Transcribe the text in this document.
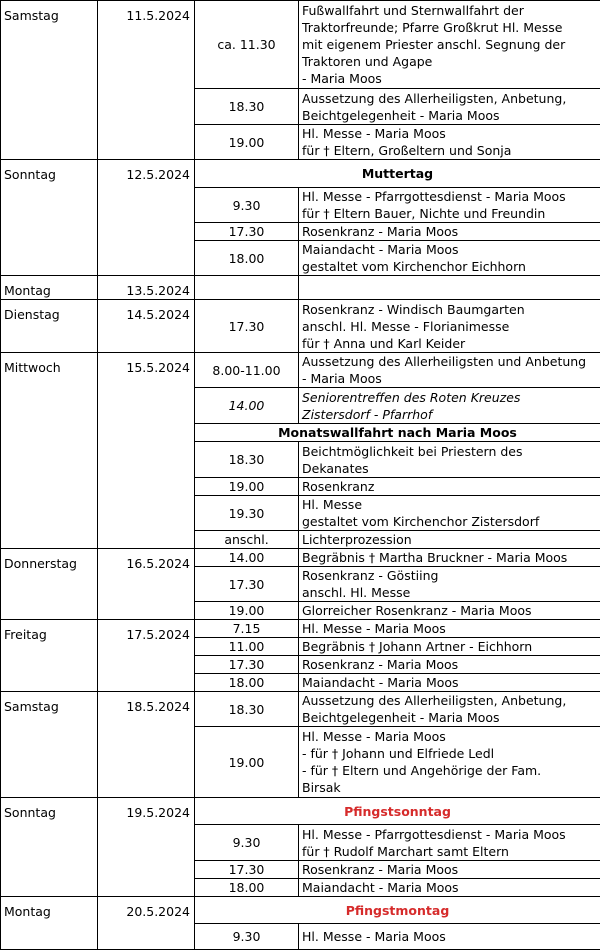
Samstag	11.5.2024	ca. 11.30	Fußwallfahrt und Sternwallfahrt der
Traktorfreunde; Pfarre Großkrut Hl. Messe
mit eigenem Priester anschl. Segnung der
Traktoren und Agape
- Maria Moos
		18.30	Aussetzung des Allerheiligsten, Anbetung,
Beichtgelegenheit - Maria Moos
		19.00	Hl. Messe - Maria Moos
für † Eltern, Großeltern und Sonja
Sonntag	12.5.2024	Muttertag	
		9.30	Hl. Messe - Pfarrgottesdienst - Maria Moos
für † Eltern Bauer, Nichte und Freundin
		17.30	Rosenkranz - Maria Moos
		18.00	Maiandacht - Maria Moos
gestaltet vom Kirchenchor Eichhorn
Montag	13.5.2024		
Dienstag	14.5.2024	17.30	Rosenkranz - Windisch Baumgarten
anschl. Hl. Messe - Florianimesse
für † Anna und Karl Keider
Mittwoch	15.5.2024	8.00-11.00	Aussetzung des Allerheiligsten und Anbetung
- Maria Moos
		14.00	Seniorentreffen des Roten Kreuzes
Zistersdorf - Pfarrhof
		Monatswallfahrt nach Maria Moos	
		18.30	Beichtmöglichkeit bei Priestern des
Dekanates
		19.00	Rosenkranz
		19.30	Hl. Messe
gestaltet vom Kirchenchor Zistersdorf
		anschl.	Lichterprozession
Donnerstag	16.5.2024	14.00	Begräbnis † Martha Bruckner - Maria Moos
		17.30	Rosenkranz - Göstiing
anschl. Hl. Messe
		19.00	Glorreicher Rosenkranz - Maria Moos
Freitag	17.5.2024	7.15	Hl. Messe - Maria Moos
		11.00	Begräbnis † Johann Artner - Eichhorn
		17.30	Rosenkranz - Maria Moos
		18.00	Maiandacht - Maria Moos
Samstag	18.5.2024	18.30	Aussetzung des Allerheiligsten, Anbetung,
Beichtgelegenheit - Maria Moos
		19.00	Hl. Messe - Maria Moos
- für † Johann und Elfriede Ledl
- für † Eltern und Angehörige der Fam.
Birsak
Sonntag	19.5.2024	Pfingstsonntag	
		9.30	Hl. Messe - Pfarrgottesdienst - Maria Moos
für † Rudolf Marchart samt Eltern
		17.30	Rosenkranz - Maria Moos
		18.00	Maiandacht - Maria Moos
Montag	20.5.2024	Pfingstmontag	
		9.30	Hl. Messe - Maria Moos
